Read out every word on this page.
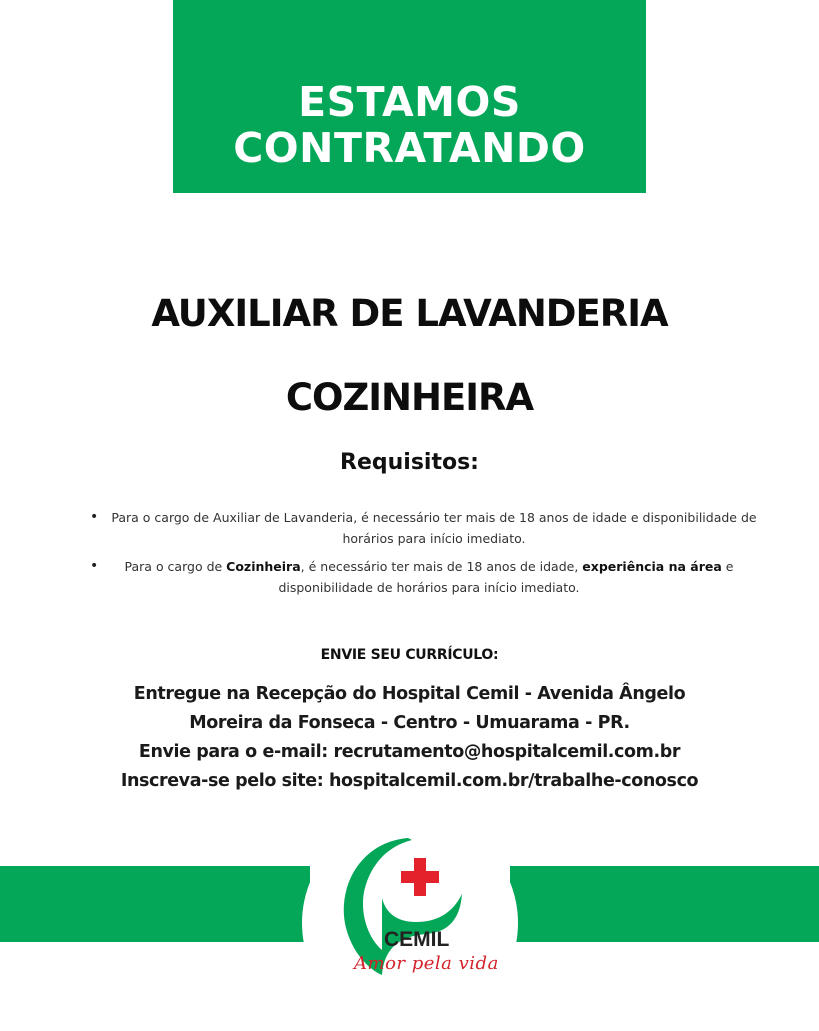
ESTAMOS
CONTRATANDO
AUXILIAR DE LAVANDERIA
COZINHEIRA
Requisitos:
•	Para o cargo de Auxiliar de Lavanderia, é necessário ter mais de 18 anos de idade e disponibilidade de horários para início imediato.
•	Para o cargo de Cozinheira, é necessário ter mais de 18 anos de idade, experiência na área e disponibilidade de horários para início imediato.
ENVIE SEU CURRÍCULO:
Entregue na Recepção do Hospital Cemil - Avenida Ângelo
Moreira da Fonseca - Centro - Umuarama - PR.
Envie para o e-mail: recrutamento@hospitalcemil.com.br
Inscreva-se pelo site: hospitalcemil.com.br/trabalhe-conosco
CEMIL
Amor pela vida
